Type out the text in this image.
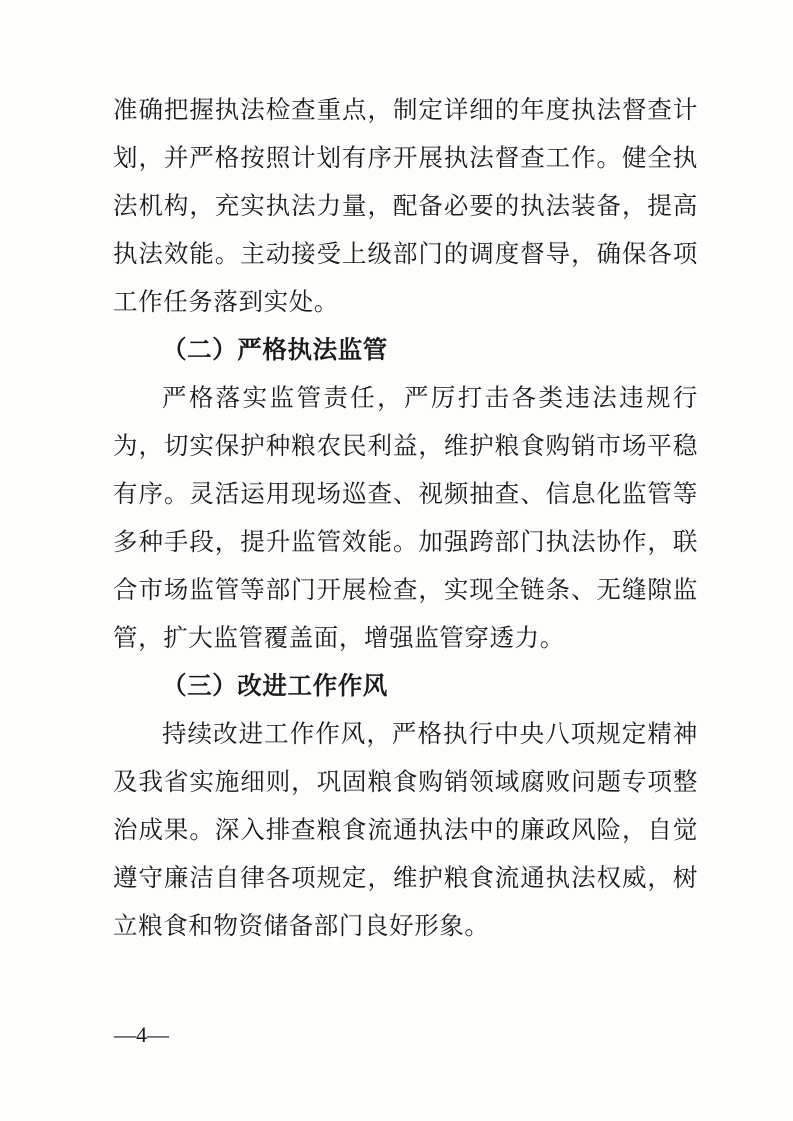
准确把握执法检查重点，制定详细的年度执法督查计划，并严格按照计划有序开展执法督查工作。健全执法机构，充实执法力量，配备必要的执法装备，提高执法效能。主动接受上级部门的调度督导，确保各项工作任务落到实处。

（二）严格执法监管

严格落实监管责任，严厉打击各类违法违规行为，切实保护种粮农民利益，维护粮食购销市场平稳有序。灵活运用现场巡查、视频抽查、信息化监管等多种手段，提升监管效能。加强跨部门执法协作，联合市场监管等部门开展检查，实现全链条、无缝隙监管，扩大监管覆盖面，增强监管穿透力。

（三）改进工作作风

持续改进工作作风，严格执行中央八项规定精神及我省实施细则，巩固粮食购销领域腐败问题专项整治成果。深入排查粮食流通执法中的廉政风险，自觉遵守廉洁自律各项规定，维护粮食流通执法权威，树立粮食和物资储备部门良好形象。

—4—
